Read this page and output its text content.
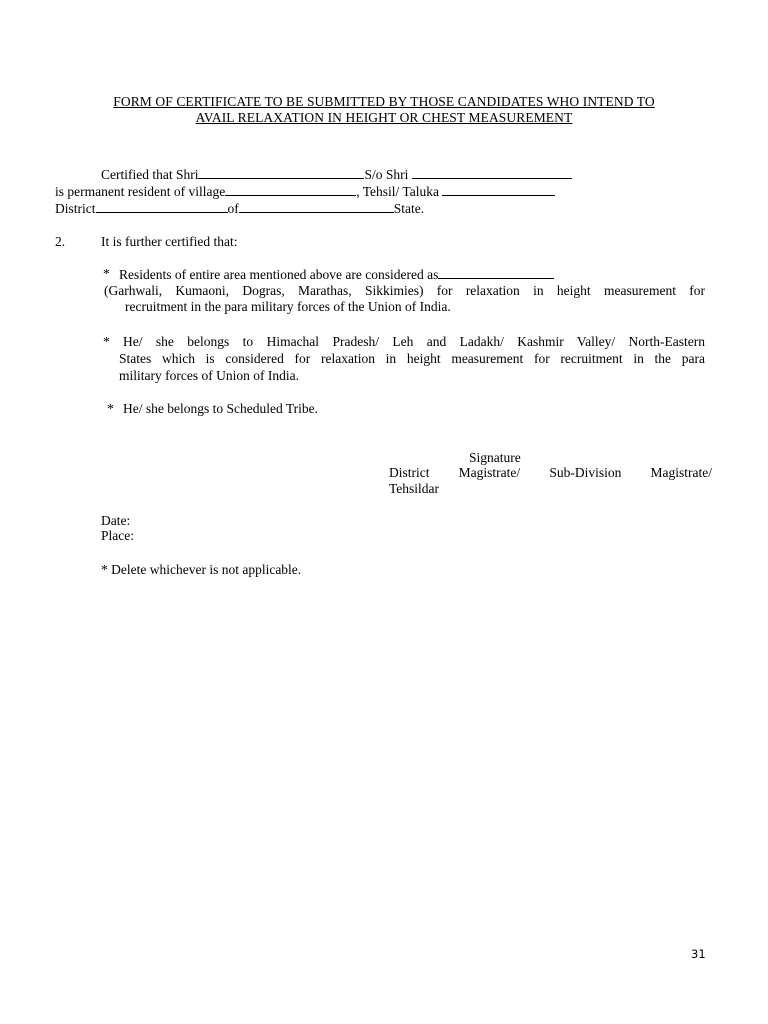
FORM OF CERTIFICATE TO BE SUBMITTED BY THOSE CANDIDATES WHO INTEND TO
AVAIL RELAXATION IN HEIGHT OR CHEST MEASUREMENT
Certified that Shri	S/o Shri
is permanent resident of village	, Tehsil/ Taluka
District	of	State.
2.	It is further certified that:
* Residents of entire area mentioned above are considered as
(Garhwali, Kumaoni, Dogras, Marathas, Sikkimies) for relaxation in height measurement for
recruitment in the para military forces of the Union of India.
* He/ she belongs to Himachal Pradesh/ Leh and Ladakh/ Kashmir Valley/ North-Eastern
States which is considered for relaxation in height measurement for recruitment in the para
military forces of Union of India.
* He/ she belongs to Scheduled Tribe.
Signature
District Magistrate/ Sub-Division Magistrate/
Tehsildar
Date:
Place:
* Delete whichever is not applicable.
31
